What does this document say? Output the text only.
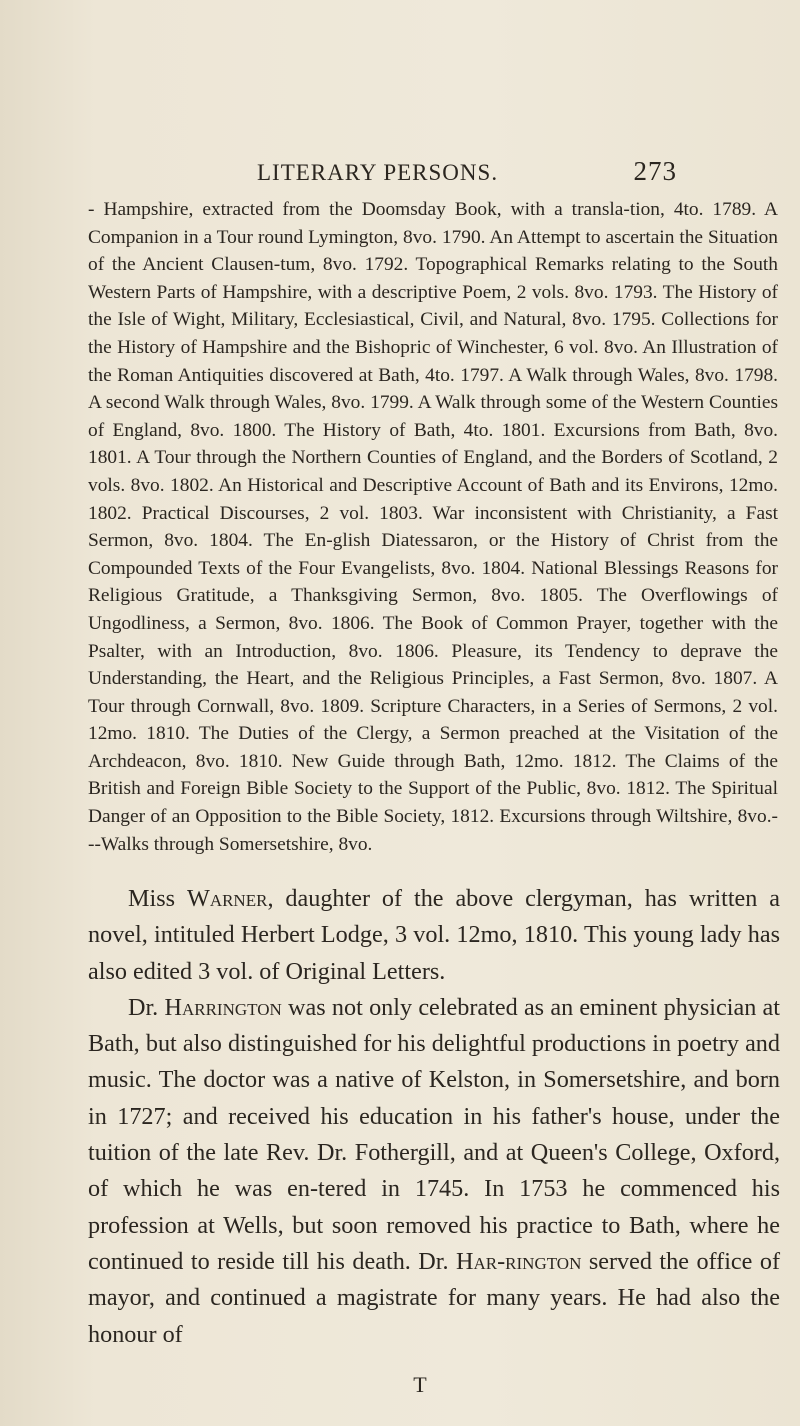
LITERARY PERSONS.	273
- Hampshire, extracted from the Doomsday Book, with a transla-tion, 4to. 1789. A Companion in a Tour round Lymington, 8vo. 1790. An Attempt to ascertain the Situation of the Ancient Clausen-tum, 8vo. 1792. Topographical Remarks relating to the South Western Parts of Hampshire, with a descriptive Poem, 2 vols. 8vo. 1793. The History of the Isle of Wight, Military, Ecclesiastical, Civil, and Natural, 8vo. 1795. Collections for the History of Hampshire and the Bishopric of Winchester, 6 vol. 8vo. An Illustration of the Roman Antiquities discovered at Bath, 4to. 1797. A Walk through Wales, 8vo. 1798. A second Walk through Wales, 8vo. 1799. A Walk through some of the Western Counties of England, 8vo. 1800. The History of Bath, 4to. 1801. Excursions from Bath, 8vo. 1801. A Tour through the Northern Counties of England, and the Borders of Scotland, 2 vols. 8vo. 1802. An Historical and Descriptive Account of Bath and its Environs, 12mo. 1802. Practical Discourses, 2 vol. 1803. War inconsistent with Christianity, a Fast Sermon, 8vo. 1804. The En-glish Diatessaron, or the History of Christ from the Compounded Texts of the Four Evangelists, 8vo. 1804. National Blessings Reasons for Religious Gratitude, a Thanksgiving Sermon, 8vo. 1805. The Overflowings of Ungodliness, a Sermon, 8vo. 1806. The Book of Common Prayer, together with the Psalter, with an Introduction, 8vo. 1806. Pleasure, its Tendency to deprave the Understanding, the Heart, and the Religious Principles, a Fast Sermon, 8vo. 1807. A Tour through Cornwall, 8vo. 1809. Scripture Characters, in a Series of Sermons, 2 vol. 12mo. 1810. The Duties of the Clergy, a Sermon preached at the Visitation of the Archdeacon, 8vo. 1810. New Guide through Bath, 12mo. 1812. The Claims of the British and Foreign Bible Society to the Support of the Public, 8vo. 1812. The Spiritual Danger of an Opposition to the Bible Society, 1812. Excursions through Wiltshire, 8vo.---Walks through Somersetshire, 8vo.

Miss Warner, daughter of the above clergyman, has written a novel, intituled Herbert Lodge, 3 vol. 12mo, 1810. This young lady has also edited 3 vol. of Original Letters.

Dr. Harrington was not only celebrated as an eminent physician at Bath, but also distinguished for his delightful productions in poetry and music. The doctor was a native of Kelston, in Somersetshire, and born in 1727; and received his education in his father's house, under the tuition of the late Rev. Dr. Fothergill, and at Queen's College, Oxford, of which he was en-tered in 1745. In 1753 he commenced his profession at Wells, but soon removed his practice to Bath, where he continued to reside till his death. Dr. Har-rington served the office of mayor, and continued a magistrate for many years. He had also the honour of

T
